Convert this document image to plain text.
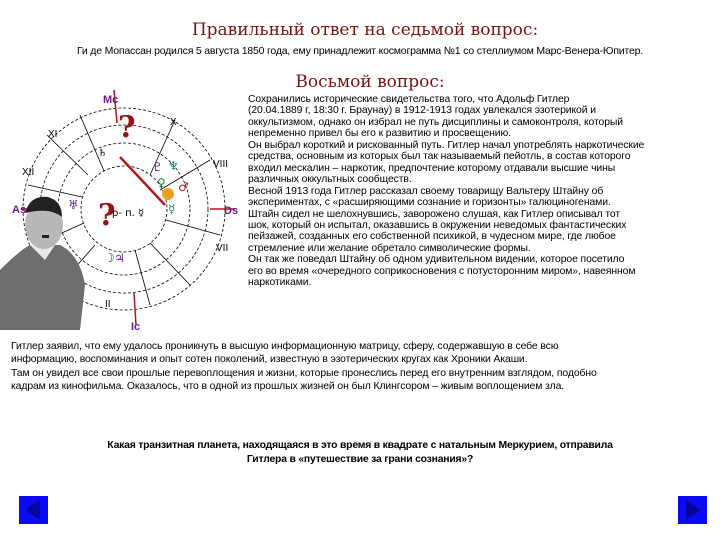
Правильный ответ на седьмой вопрос:
Ги де Мопассан родился 5 августа 1850 года, ему принадлежит космограмма №1 со стеллиумом Марс-Венера-Юпитер.
Восьмой вопрос:
As	Ds
Mc
Ic
X
XI
XII
VIII
VII
II
?
?
р- п. ☿
♇ ♆
♀ ♂
☿
♅
☽ ♃
♄
Сохранились исторические свидетельства того, что Адольф Гитлер
(20.04.1889 г, 18:30 г. Браунау) в 1912-1913 годах увлекался эзотерикой и
оккультизмом, однако он избрал не путь дисциплины и самоконтроля, который
непременно привел бы его к развитию и просвещению.
Он выбрал короткий и рискованный путь. Гитлер начал употреблять наркотические
средства, основным из которых был так называемый пейотль, в состав которого
входил мескалин – наркотик, предпочтение которому отдавали высшие чины
различных оккультных сообществ.
Весной 1913 года Гитлер рассказал своему товарищу Вальтеру Штайну об
экспериментах, с «расширяющими сознание и горизонты» галюциногенами.
Штайн сидел не шелохнувшись, заворожено слушая, как Гитлер описывал тот
шок, который он испытал, оказавшись в окружении неведомых фантастических
пейзажей, созданных его собственной психикой, в чудесном мире, где любое
стремление или желание обретало символические формы.
Он так же поведал Штайну об одном удивительном видении, которое посетило
его во время «очередного соприкосновения с потусторонним миром», навеянном
наркотиками.
Гитлер заявил, что ему удалось проникнуть в высшую информационную матрицу, сферу, содержавшую в себе всю
информацию, воспоминания и опыт сотен поколений, известную в эзотерических кругах как Хроники Акаши.
Там он увидел все свои прошлые перевоплощения и жизни, которые пронеслись перед его внутренним взглядом, подобно
кадрам из кинофильма. Оказалось, что в одной из прошлых жизней он был Клингсором – живым воплощением зла.
Какая транзитная планета, находящаяся в это время в квадрате с натальным Меркурием, отправила
Гитлера в «путешествие за грани сознания»?
